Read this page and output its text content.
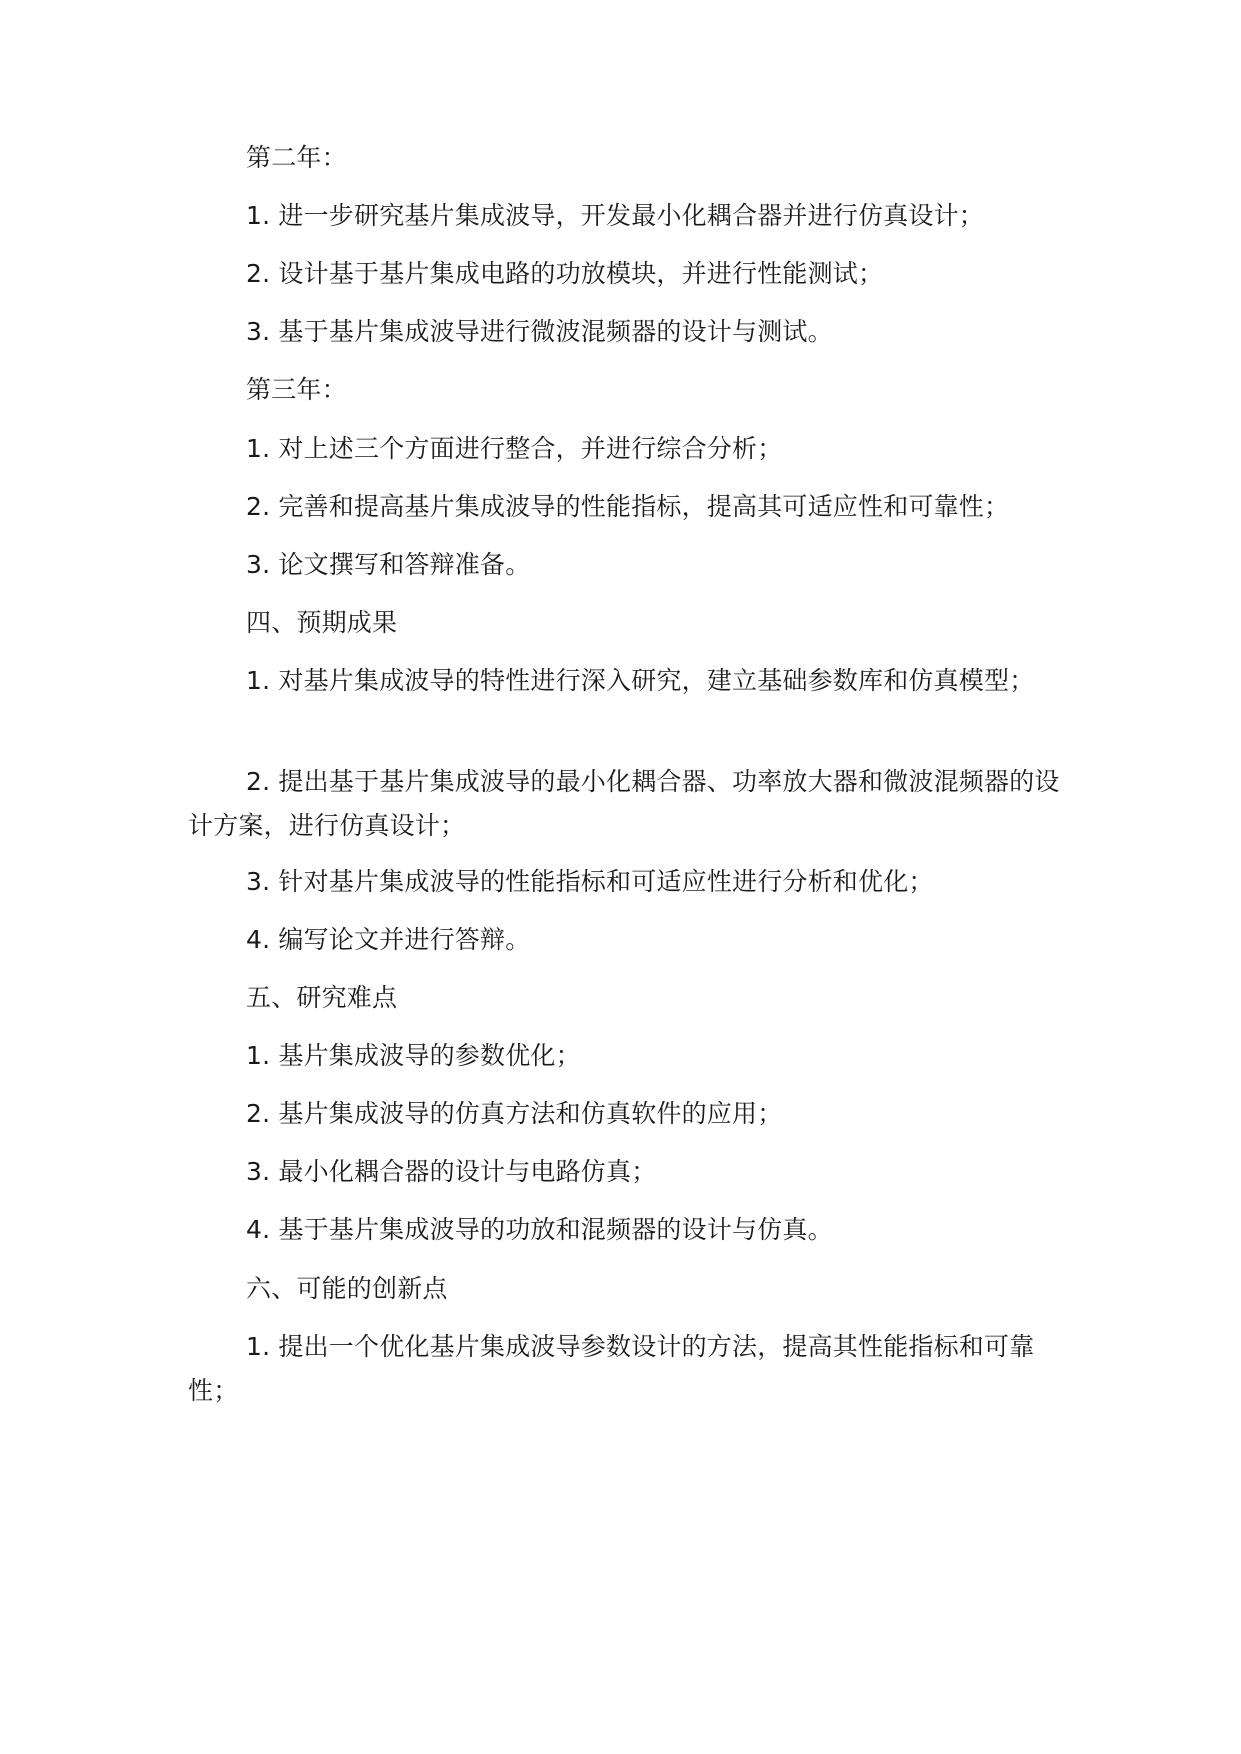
第二年：

1. 进一步研究基片集成波导，开发最小化耦合器并进行仿真设计；

2. 设计基于基片集成电路的功放模块，并进行性能测试；

3. 基于基片集成波导进行微波混频器的设计与测试。

第三年：

1. 对上述三个方面进行整合，并进行综合分析；

2. 完善和提高基片集成波导的性能指标，提高其可适应性和可靠性；

3. 论文撰写和答辩准备。

四、预期成果

1. 对基片集成波导的特性进行深入研究，建立基础参数库和仿真模型；

2. 提出基于基片集成波导的最小化耦合器、功率放大器和微波混频器的设计方案，进行仿真设计；

3. 针对基片集成波导的性能指标和可适应性进行分析和优化；

4. 编写论文并进行答辩。

五、研究难点

1. 基片集成波导的参数优化；

2. 基片集成波导的仿真方法和仿真软件的应用；

3. 最小化耦合器的设计与电路仿真；

4. 基于基片集成波导的功放和混频器的设计与仿真。

六、可能的创新点

1. 提出一个优化基片集成波导参数设计的方法，提高其性能指标和可靠性；
